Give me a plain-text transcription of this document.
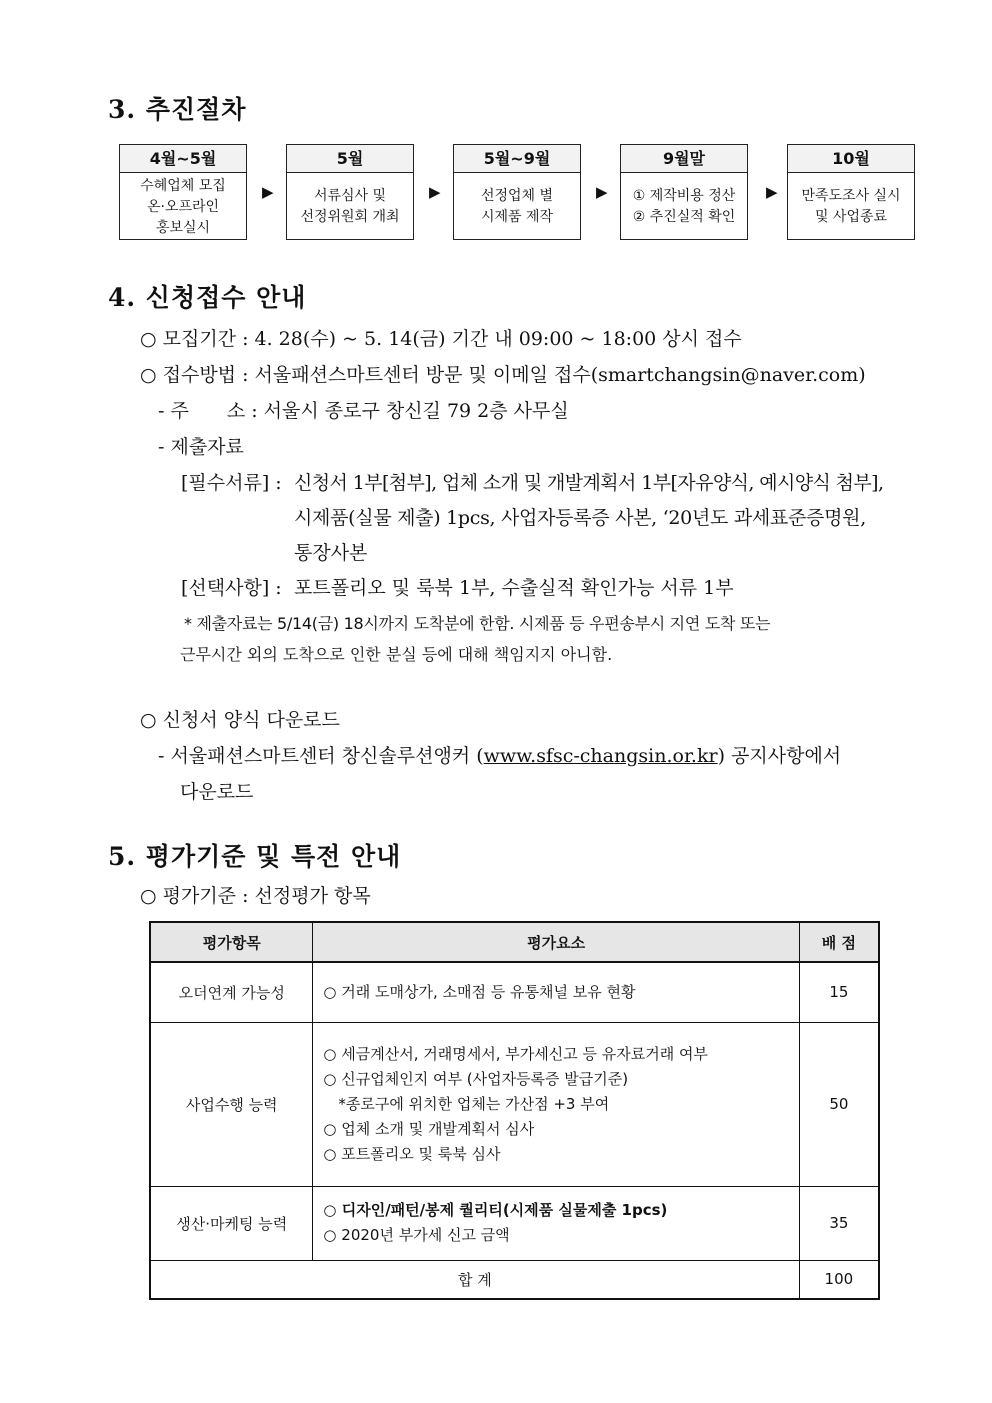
3. 추진절차
4월~5월
수혜업체 모집
온·오프라인
홍보실시
▶
5월
서류심사 및
선정위원회 개최
▶
5월~9월
선정업체 별
시제품 제작
▶
9월말
① 제작비용 정산
② 추진실적 확인
▶
10월
만족도조사 실시
및 사업종료
4. 신청접수 안내
○ 모집기간 : 4. 28(수) ~ 5. 14(금) 기간 내 09:00 ~ 18:00 상시 접수
○ 접수방법 : 서울패션스마트센터 방문 및 이메일 접수(smartchangsin@naver.com)
- 주　　소 : 서울시 종로구 창신길 79 2층 사무실
- 제출자료
[필수서류] : 신청서 1부[첨부], 업체 소개 및 개발계획서 1부[자유양식, 예시양식 첨부],
시제품(실물 제출) 1pcs, 사업자등록증 사본, ‘20년도 과세표준증명원,
통장사본
[선택사항] : 포트폴리오 및 룩북 1부, 수출실적 확인가능 서류 1부
* 제출자료는 5/14(금) 18시까지 도착분에 한함. 시제품 등 우편송부시 지연 도착 또는
근무시간 외의 도착으로 인한 분실 등에 대해 책임지지 아니함.
○ 신청서 양식 다운로드
- 서울패션스마트센터 창신솔루션앵커 (www.sfsc-changsin.or.kr) 공지사항에서
다운로드
5. 평가기준 및 특전 안내
○ 평가기준 : 선정평가 항목
평가항목	평가요소	배 점
오더연계 가능성	○ 거래 도매상가, 소매점 등 유통채널 보유 현황	15
사업수행 능력	○ 세금계산서, 거래명세서, 부가세신고 등 유자료거래 여부
○ 신규업체인지 여부 (사업자등록증 발급기준)
　*종로구에 위치한 업체는 가산점 +3 부여
○ 업체 소개 및 개발계획서 심사
○ 포트폴리오 및 룩북 심사	50
생산·마케팅 능력	○ 디자인/패턴/봉제 퀄리티(시제품 실물제출 1pcs)
○ 2020년 부가세 신고 금액	35
합 계		100
